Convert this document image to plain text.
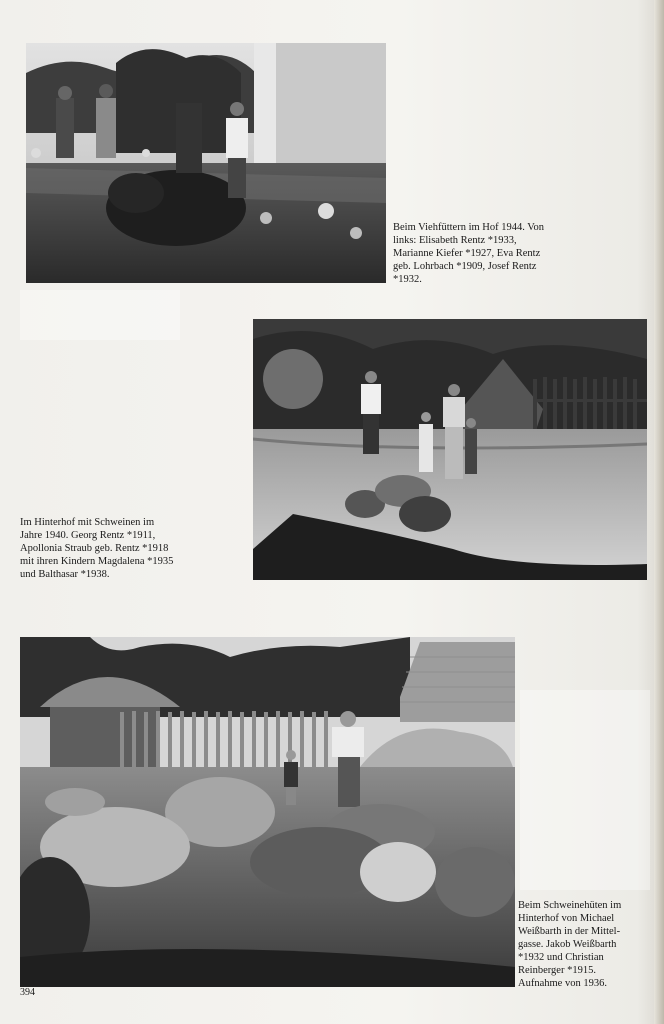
Beim Viehfüttern im Hof 1944. Von
links: Elisabeth Rentz *1933,
Marianne Kiefer *1927, Eva Rentz
geb. Lohrbach *1909, Josef Rentz
*1932.

Im Hinterhof mit Schweinen im
Jahre 1940. Georg Rentz *1911,
Apollonia Straub geb. Rentz *1918
mit ihren Kindern Magdalena *1935
und Balthasar *1938.

Beim Schweinehüten im
Hinterhof von Michael
Weißbarth in der Mittel-
gasse. Jakob Weißbarth
*1932 und Christian
Reinberger *1915.
Aufnahme von 1936.

394
